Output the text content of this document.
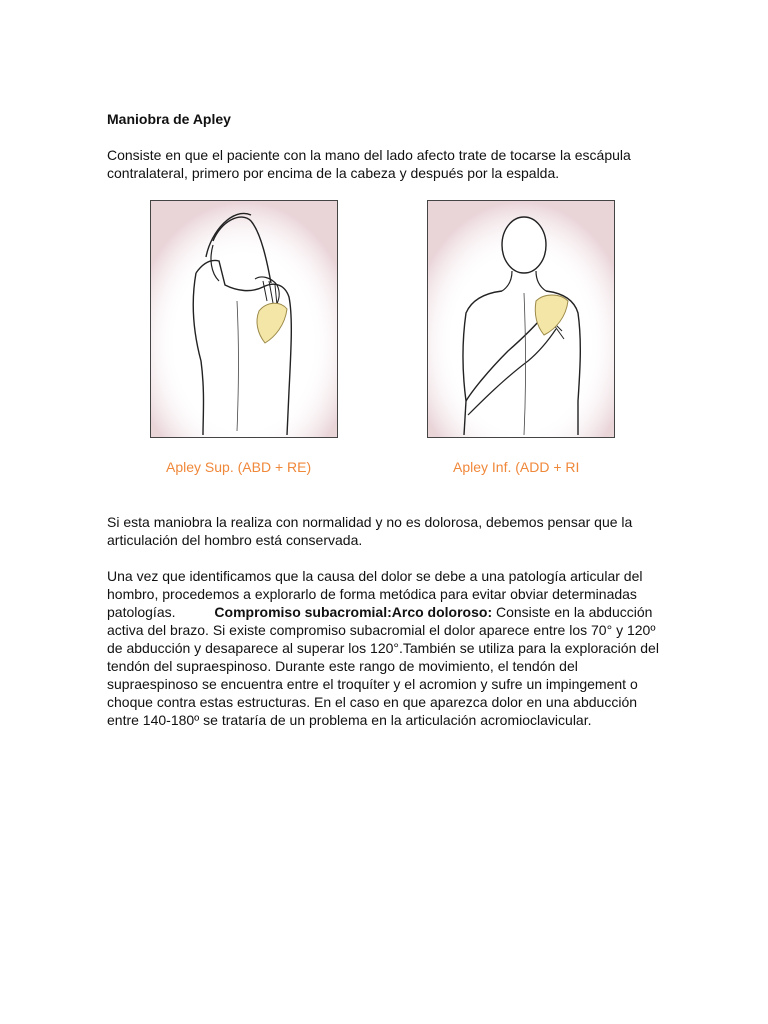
Maniobra de Apley

Consiste en que el paciente con la mano del lado afecto trate de tocarse la escápula contralateral, primero por encima de la cabeza y después por la espalda.

Apley Sup. (ABD + RE)	Apley Inf. (ADD + RI

Si esta maniobra la realiza con normalidad y no es dolorosa, debemos pensar que la articulación del hombro está conservada.

Una vez que identificamos que la causa del dolor se debe a una patología articular del hombro, procedemos a explorarlo de forma metódica para evitar obviar determinadas patologías.	Compromiso subacromial:Arco doloroso: Consiste en la abducción activa del brazo. Si existe compromiso subacromial el dolor aparece entre los 70° y 120º de abducción y desaparece al superar los 120°.También se utiliza para la exploración del tendón del supraespinoso. Durante este rango de movimiento, el tendón del supraespinoso se encuentra entre el troquíter y el acromion y sufre un impingement o choque contra estas estructuras. En el caso en que aparezca dolor en una abducción entre 140-180º se trataría de un problema en la articulación acromioclavicular.
